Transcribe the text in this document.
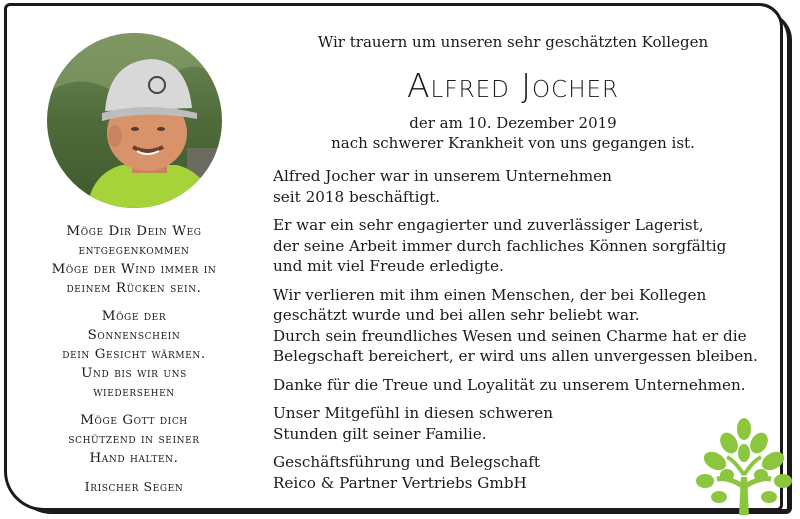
Möge Dir Dein Weg
entgegenkommen
Möge der Wind immer in
deinem Rücken sein.
Möge der
Sonnenschein
dein Gesicht wärmen.
Und bis wir uns
wiedersehen
Möge Gott dich
schützend in seiner
Hand halten.
Irischer Segen
Wir trauern um unseren sehr geschätzten Kollegen
Alfred Jocher
der am 10. Dezember 2019
nach schwerer Krankheit von uns gegangen ist.

Alfred Jocher war in unserem Unternehmen
seit 2018 beschäftigt.

Er war ein sehr engagierter und zuverlässiger Lagerist,
der seine Arbeit immer durch fachliches Können sorgfältig
und mit viel Freude erledigte.

Wir verlieren mit ihm einen Menschen, der bei Kollegen
geschätzt wurde und bei allen sehr beliebt war.
Durch sein freundliches Wesen und seinen Charme hat er die
Belegschaft bereichert, er wird uns allen unvergessen bleiben.

Danke für die Treue und Loyalität zu unserem Unternehmen.

Unser Mitgefühl in diesen schweren
Stunden gilt seiner Familie.

Geschäftsführung und Belegschaft
Reico & Partner Vertriebs GmbH
